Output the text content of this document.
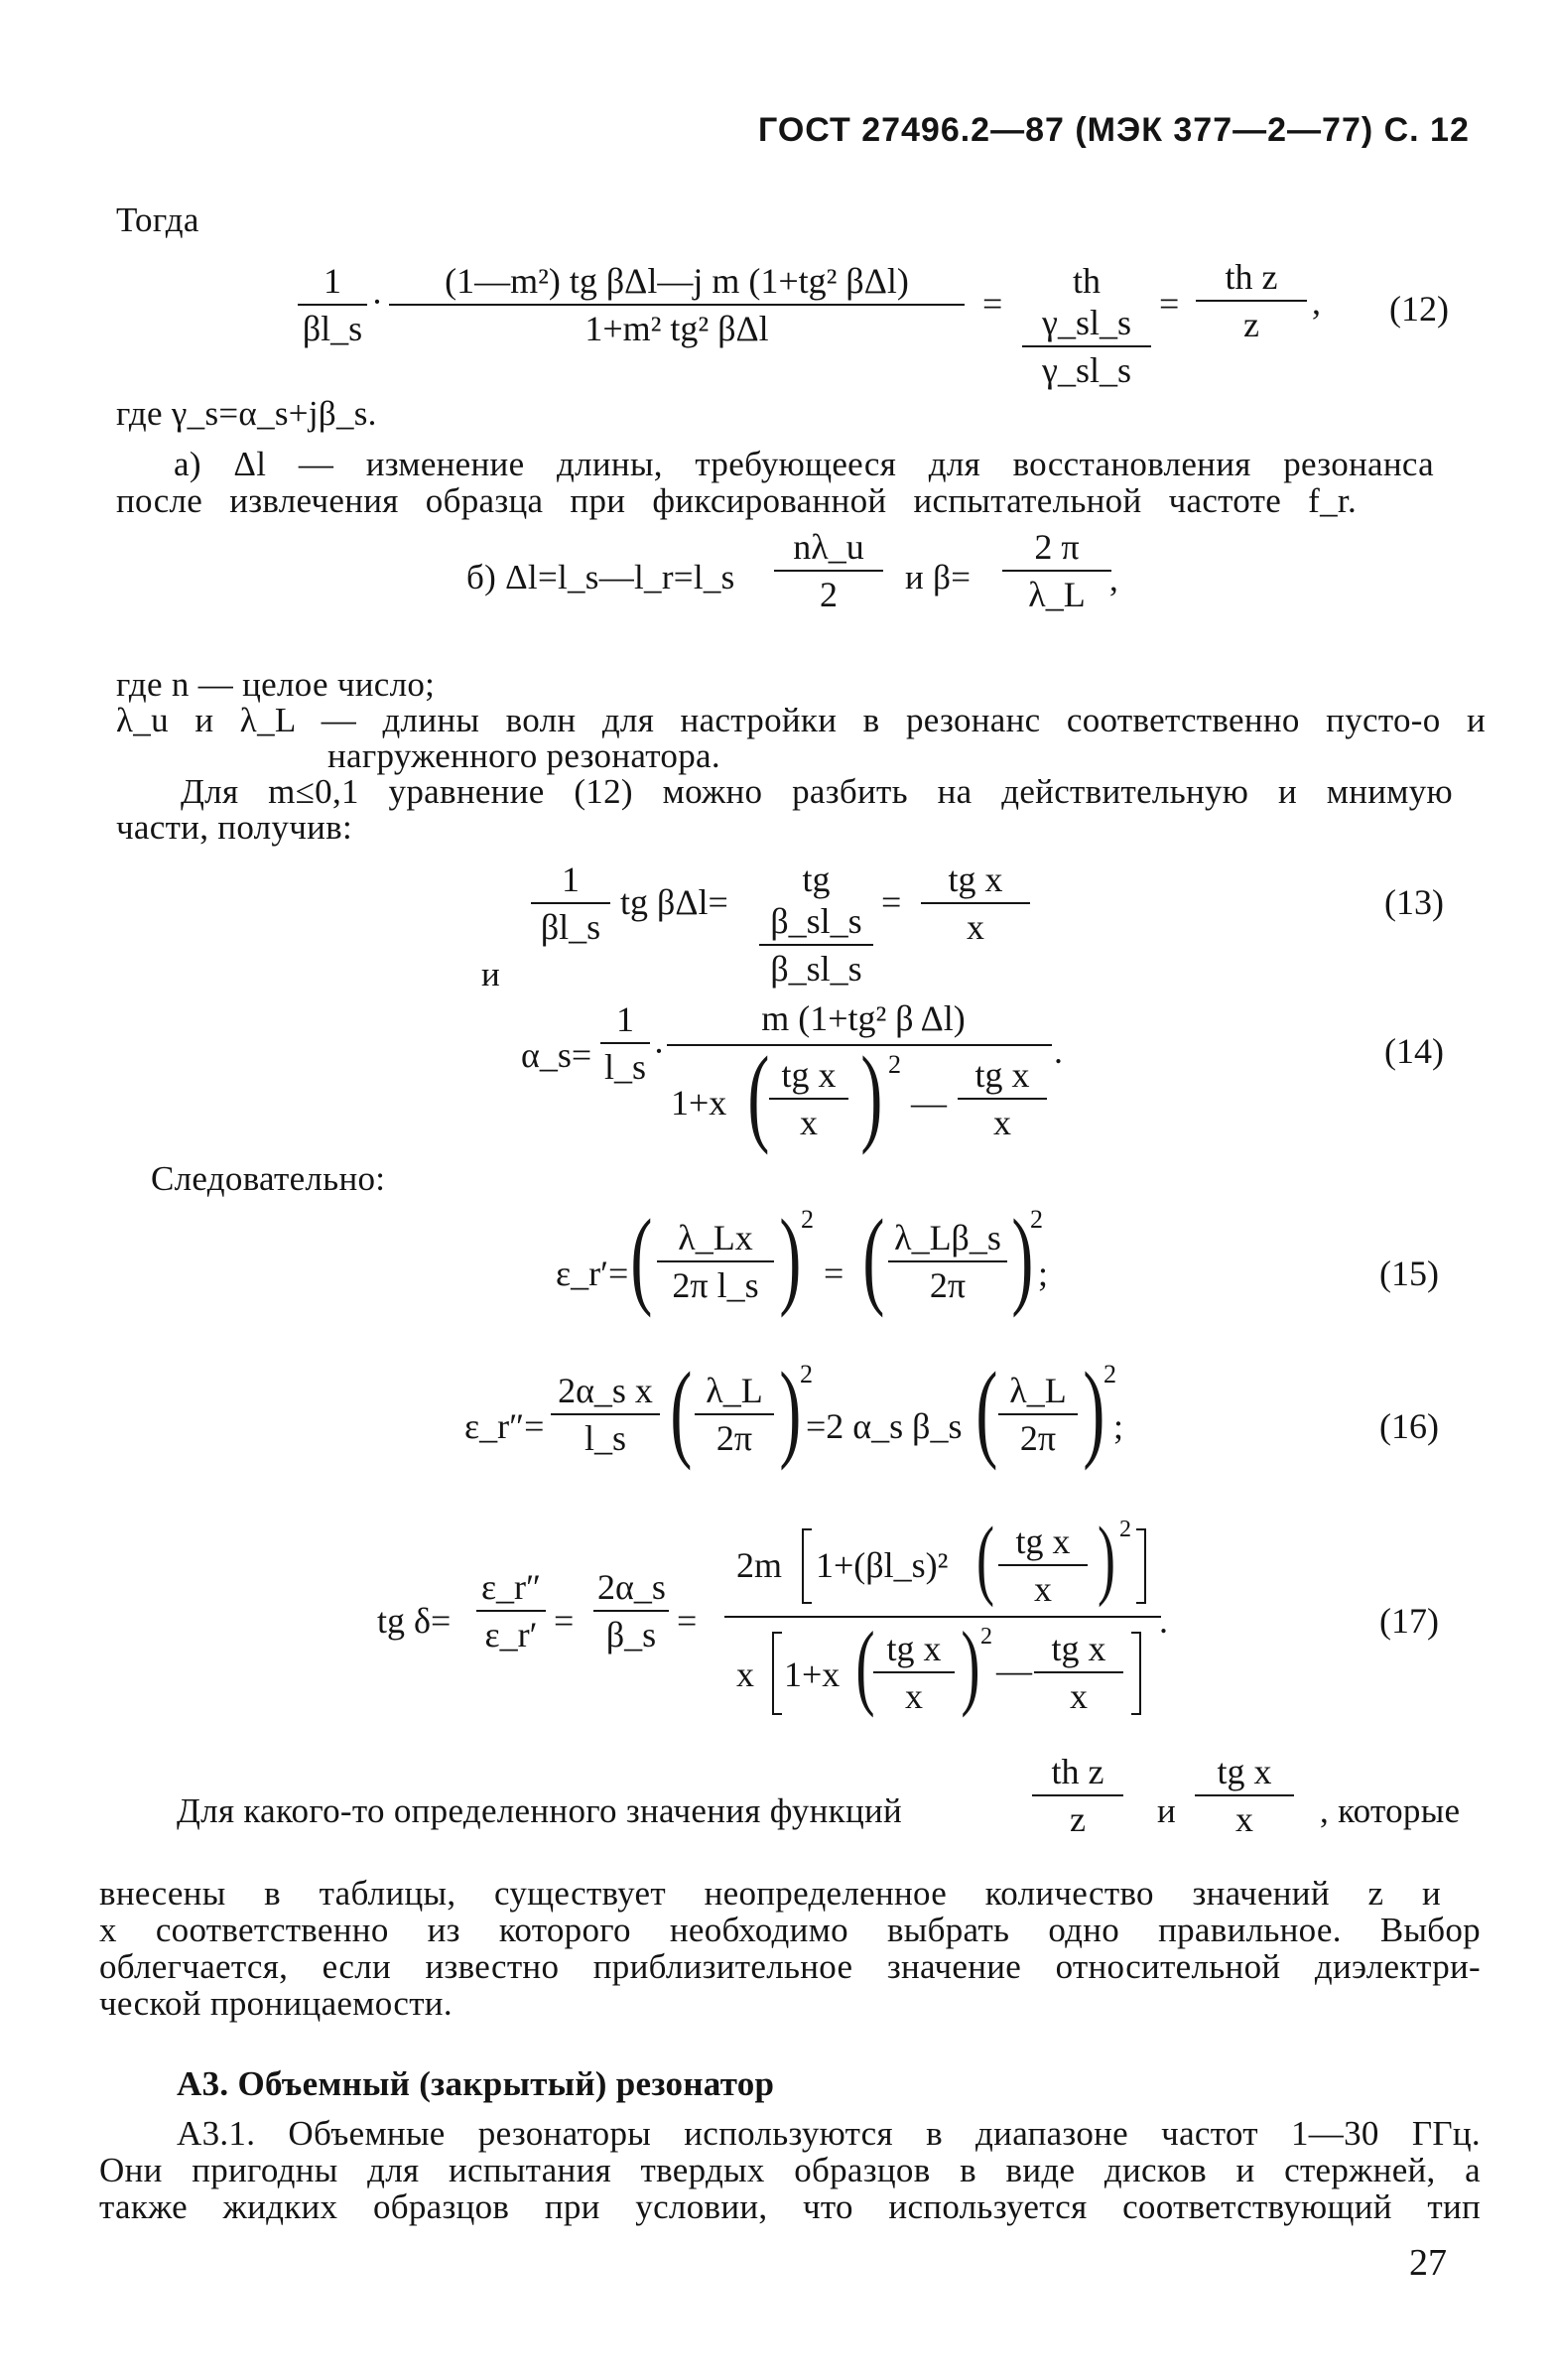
ГОСТ 27496.2—87 (МЭК 377—2—77) С. 12
Тогда
$\frac{1}{\beta l\_s}$ ·
(1—m²) tg βΔl—j m (1+tg² βΔl)
1+m² tg² βΔl
= $\frac{\text{th γ\_sl\_s}}{\gamma\_sl\_s} = \frac{\text{th z}}{z}$ , (12)
где γ_s=α_s+jβ_s.
а) Δl — изменение длины, требующееся для восстановления резонанса
после извлечения образца при фиксированной испытательной частоте f_r.
б) Δl=l_s—l_r=l_s $\frac{n\lambda\_u}{2}$ и $\beta= \frac{2 \pi}{\lambda\_L}$
,
где n — целое число;
λ_u и λ_L — длины волн для настройки в резонанс соответственно пусто-о и
нагруженного резонатора.
Для m≤0,1 уравнение (12) можно разбить на действительную и мнимую
части, получив:
$\frac{1}{\beta l\_s}$ tg $\beta\Delta l= \frac{\text{tg β\_sl\_s}}{\beta\_sl\_s} = \frac{\text{tg x}}{x}$	(13)
и
α_s= $\frac{1}{l\_s}$ ·
m (1+tg² β Δl)
1+x ( $\frac{\text{tg x}}{x}$ ) 2
— $\frac{\text{tg x}}{x}$
.	(14)
Следовательно:
ε_r′= ( $\frac{\lambda\_Lx}{\text{2π l\_s}}$ ) 2
= ( $\frac{\lambda\_L\beta\_s}{2\pi}$ )
2
;	(15)
ε_r″= $\frac{\text{2α\_s x}}{l\_s}$ ( $\frac{\lambda\_L}{2\pi}$ )
2
=2 α_s β_s ( $\frac{\lambda\_L}{2\pi}$ )
2
;	(16)
tg $\delta= \frac{\varepsilon\_r''}{\varepsilon\_r'} = \frac{2\alpha\_s}{\beta\_s}$ =
2m 1+(βl_s)² ( $\frac{\text{tg x}}{x}$ ) 2
.
x 1+x (
$\frac{\text{tg x}}{x}$ ) 2
— $\frac{\text{tg x}}{x}$
(17)
Для какого-то определенного значения функций	$\frac{\text{th z}}{z}$ и $\frac{\text{tg x}}{x}$ , которые
внесены в таблицы, существует неопределенное количество значений z и
x соответственно из которого необходимо выбрать одно правильное. Выбор
облегчается, если известно приблизительное значение относительной диэлектри-
ческой проницаемости.
А3. Объемный (закрытый) резонатор
А3.1. Объемные резонаторы используются в диапазоне частот 1—30 ГГц.
Они пригодны для испытания твердых образцов в виде дисков и стержней, а
также жидких образцов при условии, что используется соответствующий тип
27
